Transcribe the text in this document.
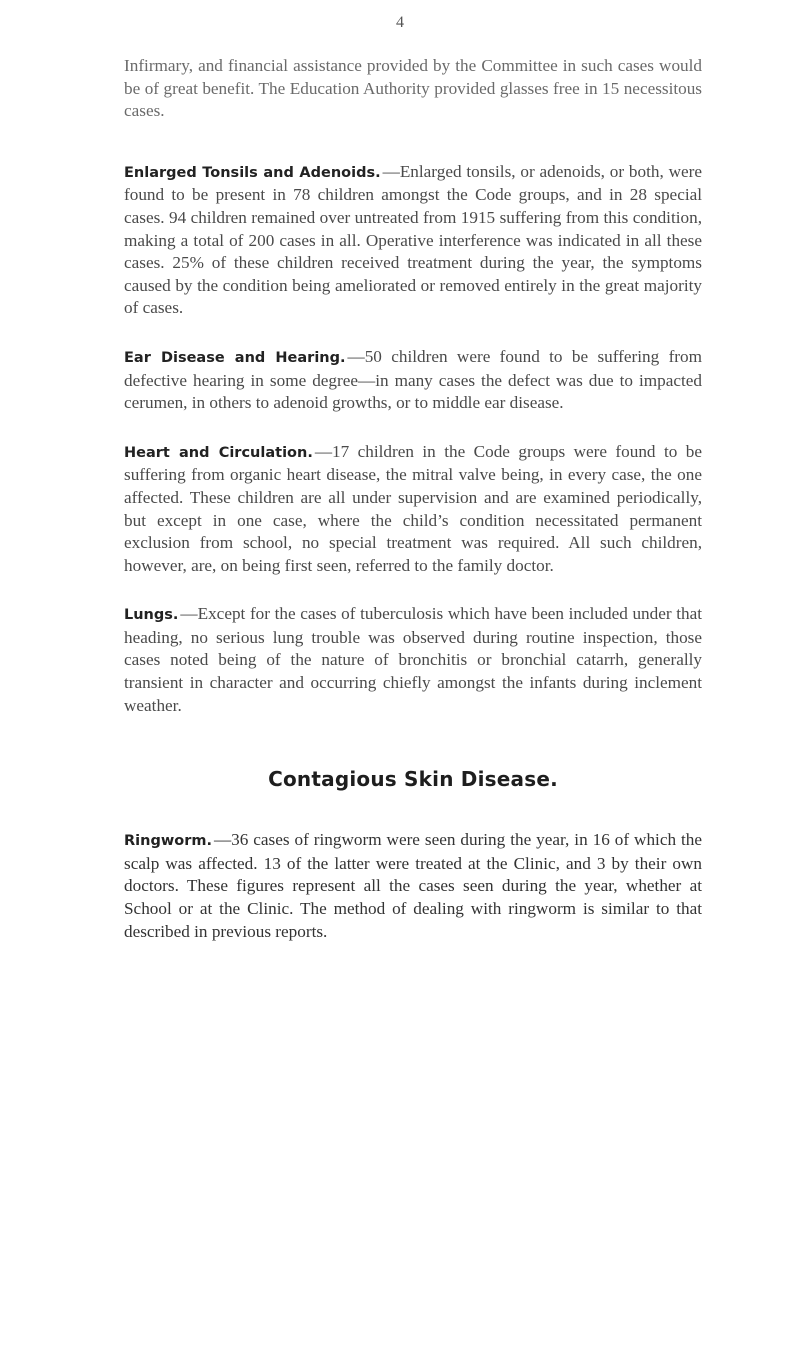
4

Infirmary, and financial assistance provided by the Committee in such cases would be of great benefit. The Education Authority provided glasses free in 15 necessitous cases.

Enlarged Tonsils and Adenoids. —Enlarged tonsils, or adenoids, or both, were found to be present in 78 children amongst the Code groups, and in 28 special cases. 94 children remained over untreated from 1915 suffering from this condition, making a total of 200 cases in all. Operative interference was indicated in all these cases. 25% of these children received treatment during the year, the symptoms caused by the condition being ameliorated or removed entirely in the great majority of cases.

Ear Disease and Hearing. —50 children were found to be suffering from defective hearing in some degree—in many cases the defect was due to impacted cerumen, in others to adenoid growths, or to middle ear disease.

Heart and Circulation. —17 children in the Code groups were found to be suffering from organic heart disease, the mitral valve being, in every case, the one affected. These children are all under supervision and are examined periodically, but except in one case, where the child’s condition necessitated permanent exclusion from school, no special treatment was required. All such children, however, are, on being first seen, referred to the family doctor.

Lungs. —Except for the cases of tuberculosis which have been included under that heading, no serious lung trouble was observed during routine inspection, those cases noted being of the nature of bronchitis or bronchial catarrh, generally transient in character and occurring chiefly amongst the infants during inclement weather.

Contagious Skin Disease.

Ringworm. —36 cases of ringworm were seen during the year, in 16 of which the scalp was affected. 13 of the latter were treated at the Clinic, and 3 by their own doctors. These figures represent all the cases seen during the year, whether at School or at the Clinic. The method of dealing with ringworm is similar to that described in previous reports.
